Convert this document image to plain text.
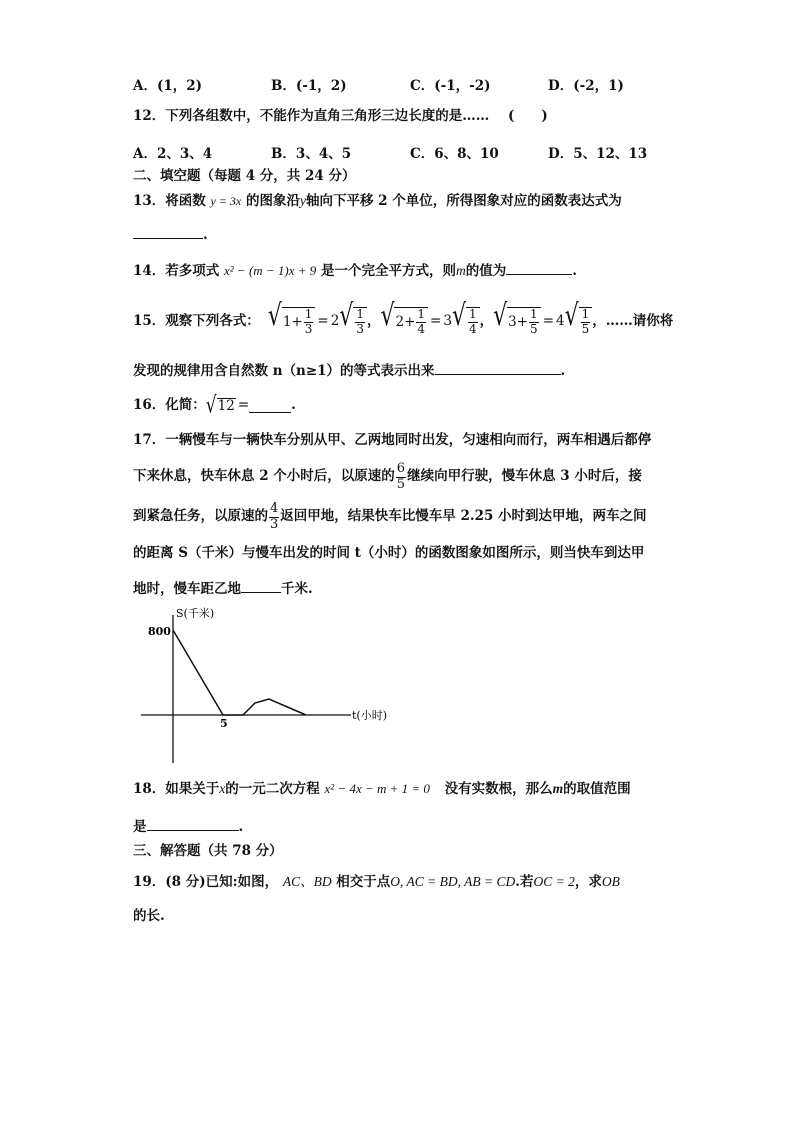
A．(1，2)	B．(-1，2)	C．(-1，-2)	D．(-2，1)
12．下列各组数中，不能作为直角三角形三边长度的是…… (　　)
A．2、3、4	B．3、4、5	C．6、8、10	D．5、12、13
二、填空题（每题 4 分，共 24 分）
13．将函数 y = 3x 的图象沿y轴向下平移 2 个单位，所得图象对应的函数表达式为
.
14．若多项式 x² − (m − 1)x + 9 是一个完全平方式，则m的值为	.
15．观察下列各式： √ $1 + \frac{1}{3} = 2$ √ $\frac{1}{3}$ ， √ $2 + \frac{1}{4} = 3$ √ $\frac{1}{4}$ ， √ $3 + \frac{1}{5} = 4$ √ $\frac{1}{5}$ ，……请你将
发现的规律用含自然数 n（n≥1）的等式表示出来	.
16．化简： √ 12 =	.
17．一辆慢车与一辆快车分别从甲、乙两地同时出发，匀速相向而行，两车相遇后都停
下来休息，快车休息 2 个小时后，以原速的 $\frac{6}{5}$ 继续向甲行驶，慢车休息 3 小时后，接
到紧急任务，以原速的 $\frac{4}{3}$ 返回甲地，结果快车比慢车早 2.25 小时到达甲地，两车之间
的距离 S（千米）与慢车出发的时间 t（小时）的函数图象如图所示，则当快车到达甲
地时，慢车距乙地	千米.
S(千米)
t(小时)
800
5
18．如果关于x的一元二次方程 x² − 4x − m + 1 = 0 没有实数根，那么m的取值范围
是	.
三、解答题（共 78 分）
19．(8 分)已知:如图， AC、BD 相交于点O, AC = BD, AB = CD.若OC = 2，求OB
的长.
